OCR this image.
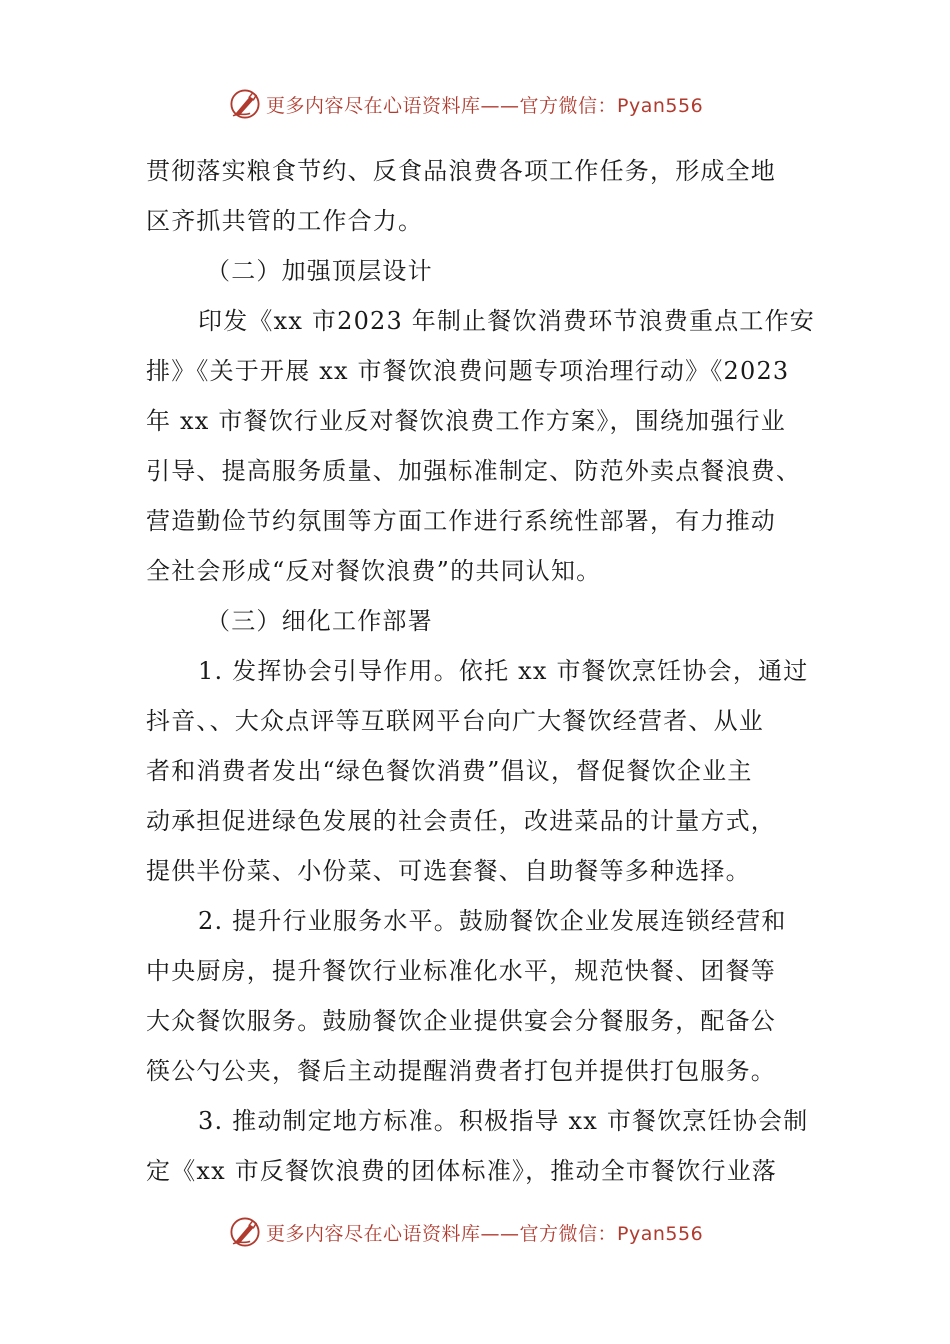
更多内容尽在心语资料库——官方微信：Pyan556
贯彻落实粮食节约、反食品浪费各项工作任务，形成全地
区齐抓共管的工作合力。
（二）加强顶层设计
印发《xx 市2023 年制止餐饮消费环节浪费重点工作安
排》《关于开展 xx 市餐饮浪费问题专项治理行动》《2023
年 xx 市餐饮行业反对餐饮浪费工作方案》，围绕加强行业
引导、提高服务质量、加强标准制定、防范外卖点餐浪费、
营造勤俭节约氛围等方面工作进行系统性部署，有力推动
全社会形成“反对餐饮浪费”的共同认知。
（三）细化工作部署
1. 发挥协会引导作用。依托 xx 市餐饮烹饪协会，通过
抖音、、大众点评等互联网平台向广大餐饮经营者、从业
者和消费者发出“绿色餐饮消费”倡议，督促餐饮企业主
动承担促进绿色发展的社会责任，改进菜品的计量方式，
提供半份菜、小份菜、可选套餐、自助餐等多种选择。
2. 提升行业服务水平。鼓励餐饮企业发展连锁经营和
中央厨房，提升餐饮行业标准化水平，规范快餐、团餐等
大众餐饮服务。鼓励餐饮企业提供宴会分餐服务，配备公
筷公勺公夹，餐后主动提醒消费者打包并提供打包服务。
3. 推动制定地方标准。积极指导 xx 市餐饮烹饪协会制
定《xx 市反餐饮浪费的团体标准》，推动全市餐饮行业落
更多内容尽在心语资料库——官方微信：Pyan556
